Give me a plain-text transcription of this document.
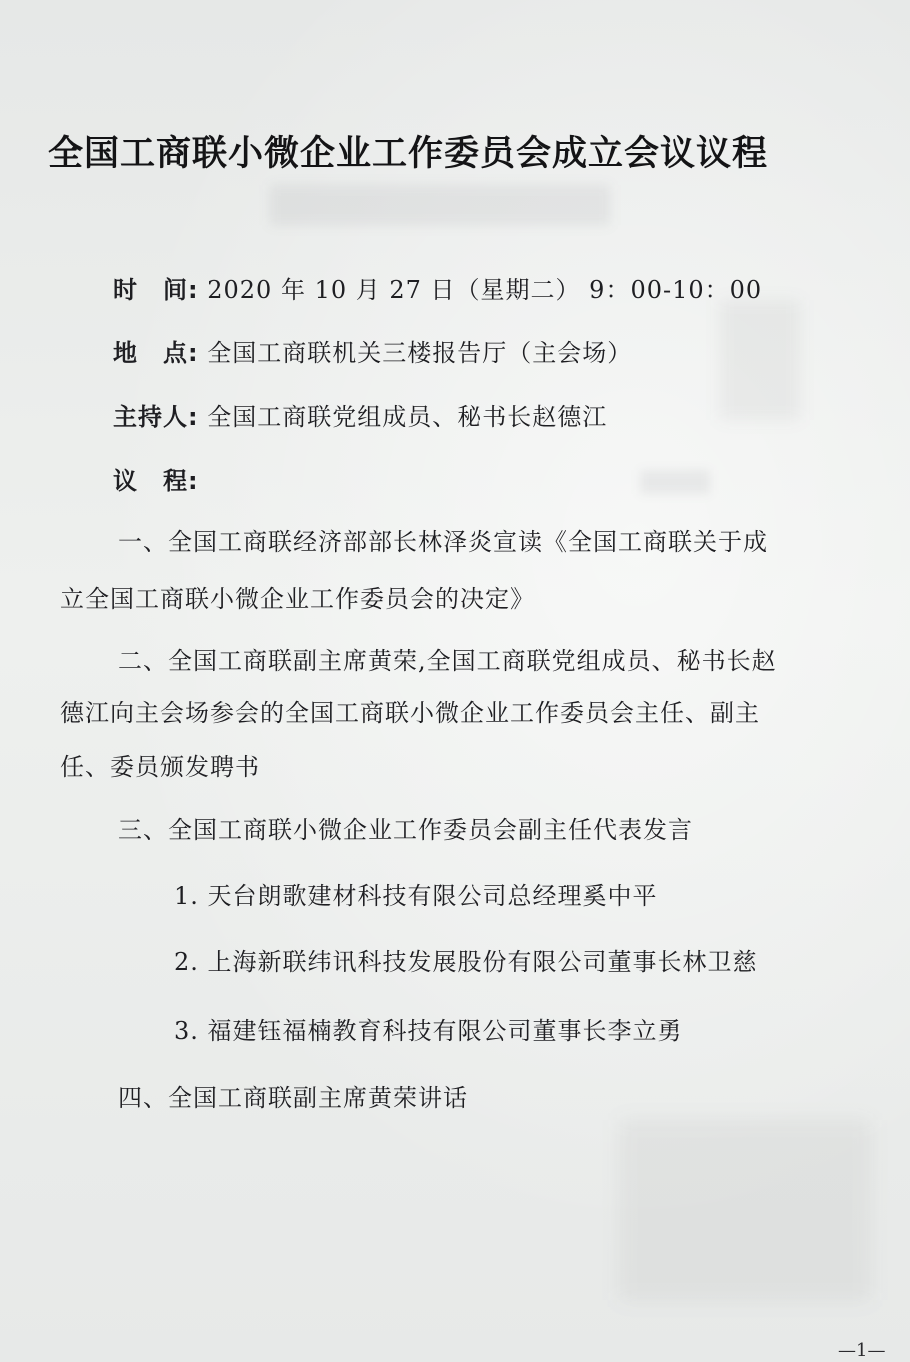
全国工商联小微企业工作委员会成立会议议程
时　间: 2020 年 10 月 27 日（星期二） 9：00-10：00
地　点: 全国工商联机关三楼报告厅（主会场）
主持人: 全国工商联党组成员、秘书长赵德江
议　程:
一、全国工商联经济部部长林泽炎宣读《全国工商联关于成
立全国工商联小微企业工作委员会的决定》
二、全国工商联副主席黄荣,全国工商联党组成员、秘书长赵
德江向主会场参会的全国工商联小微企业工作委员会主任、副主
任、委员颁发聘书
三、全国工商联小微企业工作委员会副主任代表发言
1. 天台朗歌建材科技有限公司总经理奚中平
2. 上海新联纬讯科技发展股份有限公司董事长林卫慈
3. 福建钰福楠教育科技有限公司董事长李立勇
四、全国工商联副主席黄荣讲话
—1—
